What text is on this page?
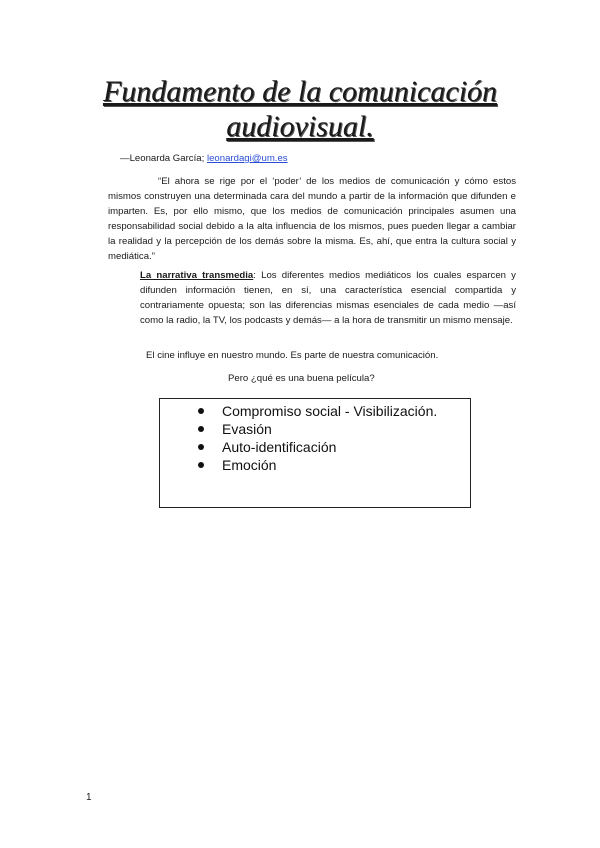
Fundamento de la comunicación audiovisual.
—Leonarda García; leonardagi@um.es

“El ahora se rige por el ‘poder’ de los medios de comunicación y cómo estos mismos construyen una determinada cara del mundo a partir de la información que difunden e imparten. Es, por ello mismo, que los medios de comunicación principales asumen una responsabilidad social debido a la alta influencia de los mismos, pues pueden llegar a cambiar la realidad y la percepción de los demás sobre la misma. Es, ahí, que entra la cultura social y mediática.”

La narrativa transmedia: Los diferentes medios mediáticos los cuales esparcen y difunden información tienen, en sí, una característica esencial compartida y contrariamente opuesta; son las diferencias mismas esenciales de cada medio —así como la radio, la TV, los podcasts y demás— a la hora de transmitir un mismo mensaje.

El cine influye en nuestro mundo. Es parte de nuestra comunicación.

Pero ¿qué es una buena película?

Compromiso social - Visibilización.
Evasión
Auto-identificación
Emoción

1
